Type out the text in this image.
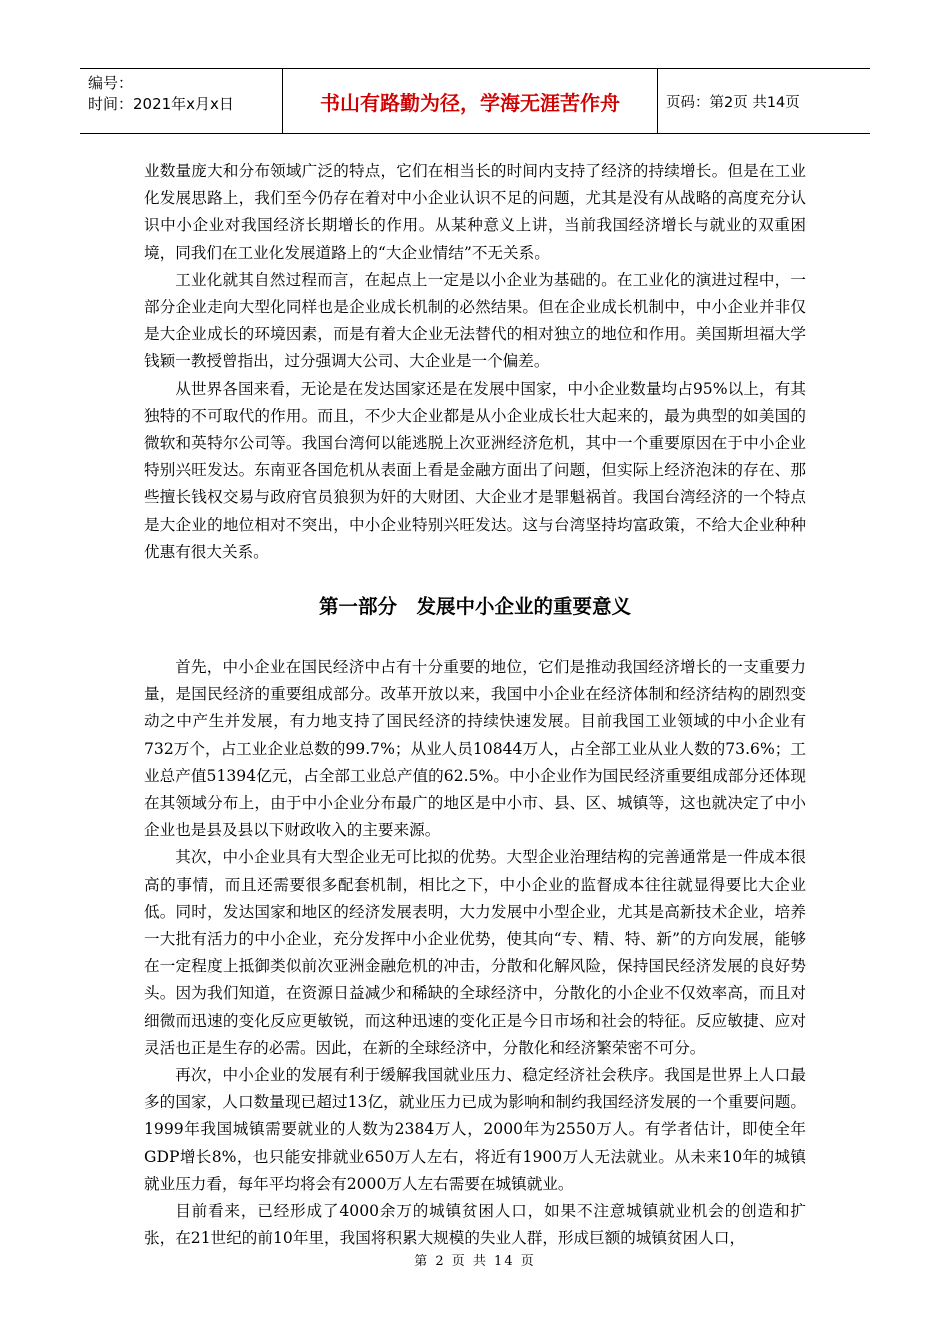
编号：
时间：2021年x月x日	书山有路勤为径，学海无涯苦作舟	页码：第2页 共14页

业数量庞大和分布领域广泛的特点，它们在相当长的时间内支持了经济的持续增长。但是在工业化发展思路上，我们至今仍存在着对中小企业认识不足的问题，尤其是没有从战略的高度充分认识中小企业对我国经济长期增长的作用。从某种意义上讲，当前我国经济增长与就业的双重困境，同我们在工业化发展道路上的“大企业情结”不无关系。

工业化就其自然过程而言，在起点上一定是以小企业为基础的。在工业化的演进过程中，一部分企业走向大型化同样也是企业成长机制的必然结果。但在企业成长机制中，中小企业并非仅是大企业成长的环境因素，而是有着大企业无法替代的相对独立的地位和作用。美国斯坦福大学钱颖一教授曾指出，过分强调大公司、大企业是一个偏差。

从世界各国来看，无论是在发达国家还是在发展中国家，中小企业数量均占95%以上，有其独特的不可取代的作用。而且，不少大企业都是从小企业成长壮大起来的，最为典型的如美国的微软和英特尔公司等。我国台湾何以能逃脱上次亚洲经济危机，其中一个重要原因在于中小企业特别兴旺发达。东南亚各国危机从表面上看是金融方面出了问题，但实际上经济泡沫的存在、那些擅长钱权交易与政府官员狼狈为奸的大财团、大企业才是罪魁祸首。我国台湾经济的一个特点是大企业的地位相对不突出，中小企业特别兴旺发达。这与台湾坚持均富政策，不给大企业种种优惠有很大关系。

第一部分　发展中小企业的重要意义

首先，中小企业在国民经济中占有十分重要的地位，它们是推动我国经济增长的一支重要力量，是国民经济的重要组成部分。改革开放以来，我国中小企业在经济体制和经济结构的剧烈变动之中产生并发展，有力地支持了国民经济的持续快速发展。目前我国工业领域的中小企业有732万个，占工业企业总数的99.7%；从业人员10844万人，占全部工业从业人数的73.6%；工业总产值51394亿元，占全部工业总产值的62.5%。中小企业作为国民经济重要组成部分还体现在其领域分布上，由于中小企业分布最广的地区是中小市、县、区、城镇等，这也就决定了中小企业也是县及县以下财政收入的主要来源。

其次，中小企业具有大型企业无可比拟的优势。大型企业治理结构的完善通常是一件成本很高的事情，而且还需要很多配套机制，相比之下，中小企业的监督成本往往就显得要比大企业低。同时，发达国家和地区的经济发展表明，大力发展中小型企业，尤其是高新技术企业，培养一大批有活力的中小企业，充分发挥中小企业优势，使其向“专、精、特、新”的方向发展，能够在一定程度上抵御类似前次亚洲金融危机的冲击，分散和化解风险，保持国民经济发展的良好势头。因为我们知道，在资源日益减少和稀缺的全球经济中，分散化的小企业不仅效率高，而且对细微而迅速的变化反应更敏锐，而这种迅速的变化正是今日市场和社会的特征。反应敏捷、应对灵活也正是生存的必需。因此，在新的全球经济中，分散化和经济繁荣密不可分。

再次，中小企业的发展有利于缓解我国就业压力、稳定经济社会秩序。我国是世界上人口最多的国家，人口数量现已超过13亿，就业压力已成为影响和制约我国经济发展的一个重要问题。1999年我国城镇需要就业的人数为2384万人，2000年为2550万人。有学者估计，即使全年GDP增长8%，也只能安排就业650万人左右，将近有1900万人无法就业。从未来10年的城镇就业压力看，每年平均将会有2000万人左右需要在城镇就业。

目前看来，已经形成了4000余万的城镇贫困人口，如果不注意城镇就业机会的创造和扩张，在21世纪的前10年里，我国将积累大规模的失业人群，形成巨额的城镇贫困人口，

第 2 页 共 14 页
